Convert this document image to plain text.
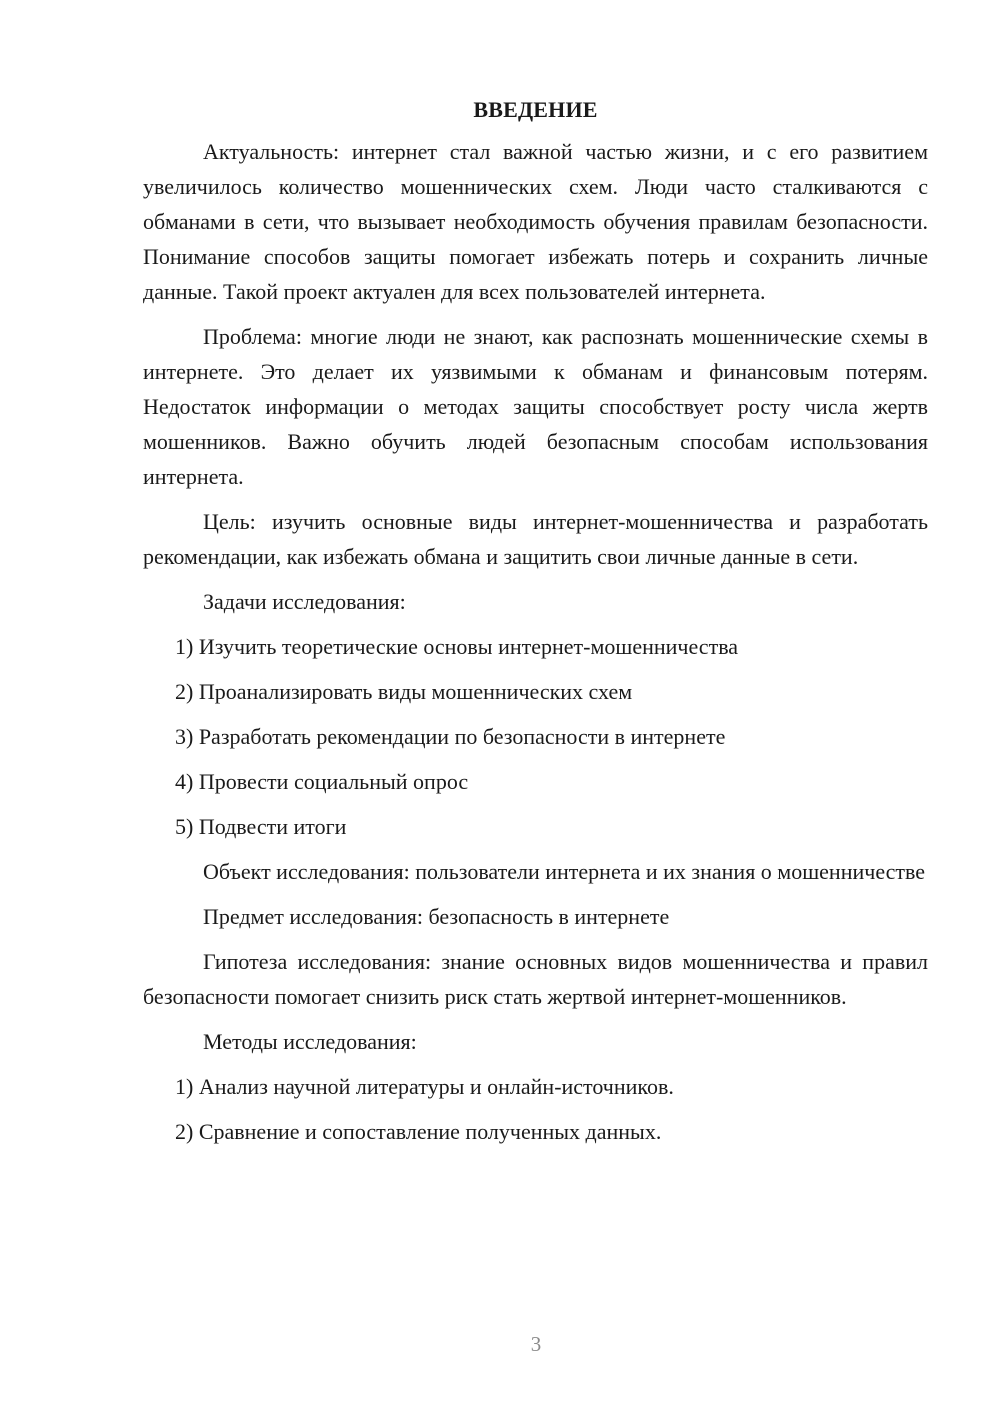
ВВЕДЕНИЕ

Актуальность: интернет стал важной частью жизни, и с его развитием увеличилось количество мошеннических схем. Люди часто сталкиваются с обманами в сети, что вызывает необходимость обучения правилам безопасности. Понимание способов защиты помогает избежать потерь и сохранить личные данные. Такой проект актуален для всех пользователей интернета.

Проблема: многие люди не знают, как распознать мошеннические схемы в интернете. Это делает их уязвимыми к обманам и финансовым потерям. Недостаток информации о методах защиты способствует росту числа жертв мошенников. Важно обучить людей безопасным способам использования интернета.

Цель: изучить основные виды интернет-мошенничества и разработать рекомендации, как избежать обмана и защитить свои личные данные в сети.

Задачи исследования:

1) Изучить теоретические основы интернет-мошенничества

2) Проанализировать виды мошеннических схем

3) Разработать рекомендации по безопасности в интернете

4) Провести социальный опрос

5) Подвести итоги

Объект исследования: пользователи интернета и их знания о мошенничестве

Предмет исследования: безопасность в интернете

Гипотеза исследования: знание основных видов мошенничества и правил безопасности помогает снизить риск стать жертвой интернет-мошенников.

Методы исследования:

1) Анализ научной литературы и онлайн-источников.

2) Сравнение и сопоставление полученных данных.

3
